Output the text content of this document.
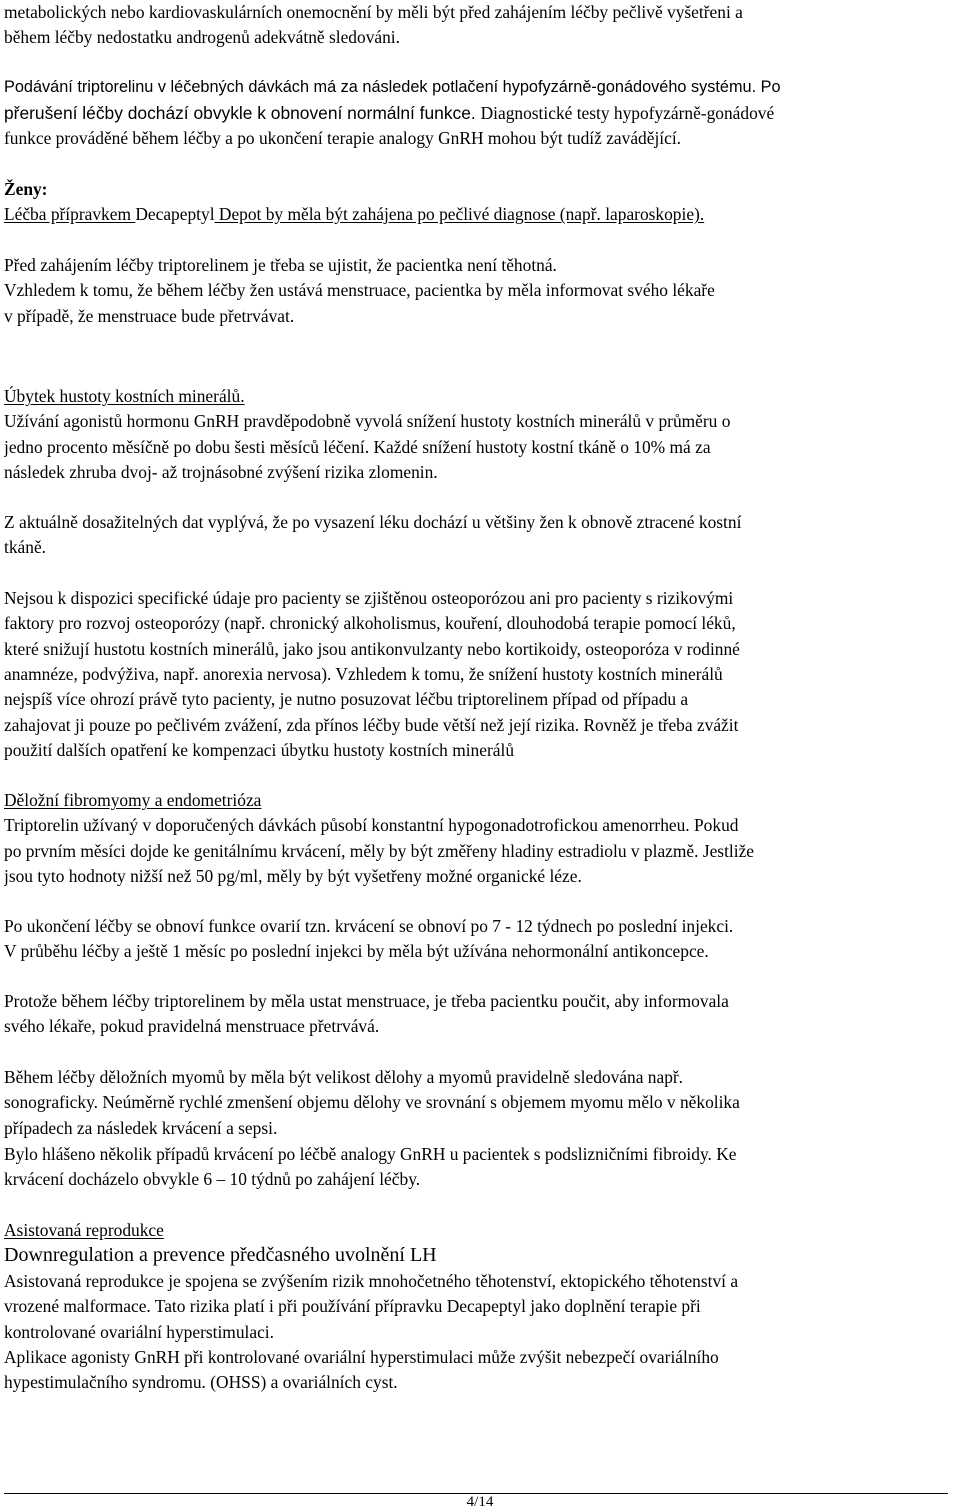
metabolických nebo kardiovaskulárních onemocnění by měli být před zahájením léčby pečlivě vyšetřeni a

během léčby nedostatku androgenů adekvátně sledováni.

Podávání triptorelinu v léčebných dávkách má za následek potlačení hypofyzárně-gonádového systému. Po

přerušení léčby dochází obvykle k obnovení normální funkce. Diagnostické testy hypofyzárně-gonádové

funkce prováděné během léčby a po ukončení terapie analogy GnRH mohou být tudíž zavádějící.

Ženy:

Léčba přípravkem Decapeptyl Depot by měla být zahájena po pečlivé diagnose (např. laparoskopie).

Před zahájením léčby triptorelinem je třeba se ujistit, že pacientka není těhotná.

Vzhledem k tomu, že během léčby žen ustává menstruace, pacientka by měla informovat svého lékaře

v případě, že menstruace bude přetrvávat.

Úbytek hustoty kostních minerálů.

Užívání agonistů hormonu GnRH pravděpodobně vyvolá snížení hustoty kostních minerálů v průměru o

jedno procento měsíčně po dobu šesti měsíců léčení. Každé snížení hustoty kostní tkáně o 10% má za

následek zhruba dvoj- až trojnásobné zvýšení rizika zlomenin.

Z aktuálně dosažitelných dat vyplývá, že po vysazení léku dochází u většiny žen k obnově ztracené kostní

tkáně.

Nejsou k dispozici specifické údaje pro pacienty se zjištěnou osteoporózou ani pro pacienty s rizikovými

faktory pro rozvoj osteoporózy (např. chronický alkoholismus, kouření, dlouhodobá terapie pomocí léků,

které snižují hustotu kostních minerálů, jako jsou antikonvulzanty nebo kortikoidy, osteoporóza v rodinné

anamnéze, podvýživa, např. anorexia nervosa). Vzhledem k tomu, že snížení hustoty kostních minerálů

nejspíš více ohrozí právě tyto pacienty, je nutno posuzovat léčbu triptorelinem případ od případu a

zahajovat ji pouze po pečlivém zvážení, zda přínos léčby bude větší než její rizika. Rovněž je třeba zvážit

použití dalších opatření ke kompenzaci úbytku hustoty kostních minerálů

Děložní fibromyomy a endometrióza

Triptorelin užívaný v doporučených dávkách působí konstantní hypogonadotrofickou amenorrheu. Pokud

po prvním měsíci dojde ke genitálnímu krvácení, měly by být změřeny hladiny estradiolu v plazmě. Jestliže

jsou tyto hodnoty nižší než 50 pg/ml, měly by být vyšetřeny možné organické léze.

Po ukončení léčby se obnoví funkce ovarií tzn. krvácení se obnoví po 7 - 12 týdnech po poslední injekci.

V průběhu léčby a ještě 1 měsíc po poslední injekci by měla být užívána nehormonální antikoncepce.

Protože během léčby triptorelinem by měla ustat menstruace, je třeba pacientku poučit, aby informovala

svého lékaře, pokud pravidelná menstruace přetrvává.

Během léčby děložních myomů by měla být velikost dělohy a myomů pravidelně sledována např.

sonograficky. Neúměrně rychlé zmenšení objemu dělohy ve srovnání s objemem myomu mělo v několika

případech za následek krvácení a sepsi.

Bylo hlášeno několik případů krvácení po léčbě analogy GnRH u pacientek s podslizničními fibroidy. Ke

krvácení docházelo obvykle 6 – 10 týdnů po zahájení léčby.

Asistovaná reprodukce

Downregulation a prevence předčasného uvolnění LH

Asistovaná reprodukce je spojena se zvýšením rizik mnohočetného těhotenství, ektopického těhotenství a

vrozené malformace. Tato rizika platí i při používání přípravku Decapeptyl jako doplnění terapie při

kontrolované ovariální hyperstimulaci.

Aplikace agonisty GnRH při kontrolované ovariální hyperstimulaci může zvýšit nebezpečí ovariálního

hypestimulačního syndromu. (OHSS) a ovariálních cyst.

4/14
